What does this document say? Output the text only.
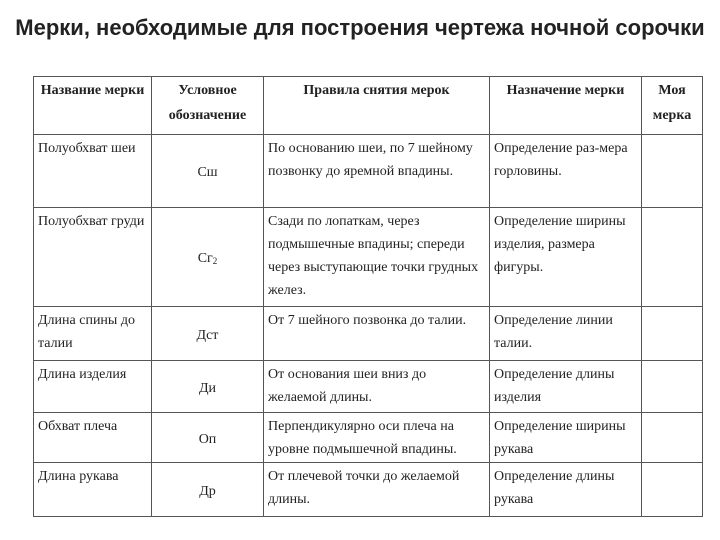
Мерки, необходимые для построения чертежа ночной сорочки
Название мерки	Условное обозначение	Правила снятия мерок	Назначение мерки	Моя мерка
Полуобхват шеи	Сш	По основанию шеи, по 7 шейному позвонку до яремной впадины.	Определение раз-мера горловины.	
Полуобхват груди	$Сг_2$	Сзади по лопаткам, через подмышечные впадины; спереди через выступающие точки грудных желез.	Определение ширины изделия, размера фигуры.	
Длина спины до талии	Дст	От 7 шейного позвонка до талии.	Определение линии талии.	
Длина изделия	Ди	От основания шеи вниз до желаемой длины.	Определение длины изделия	
Обхват плеча	Оп	Перпендикулярно оси плеча на уровне подмышечной впадины.	Определение ширины рукава	
Длина рукава	Др	От плечевой точки до желаемой длины.	Определение длины рукава	
